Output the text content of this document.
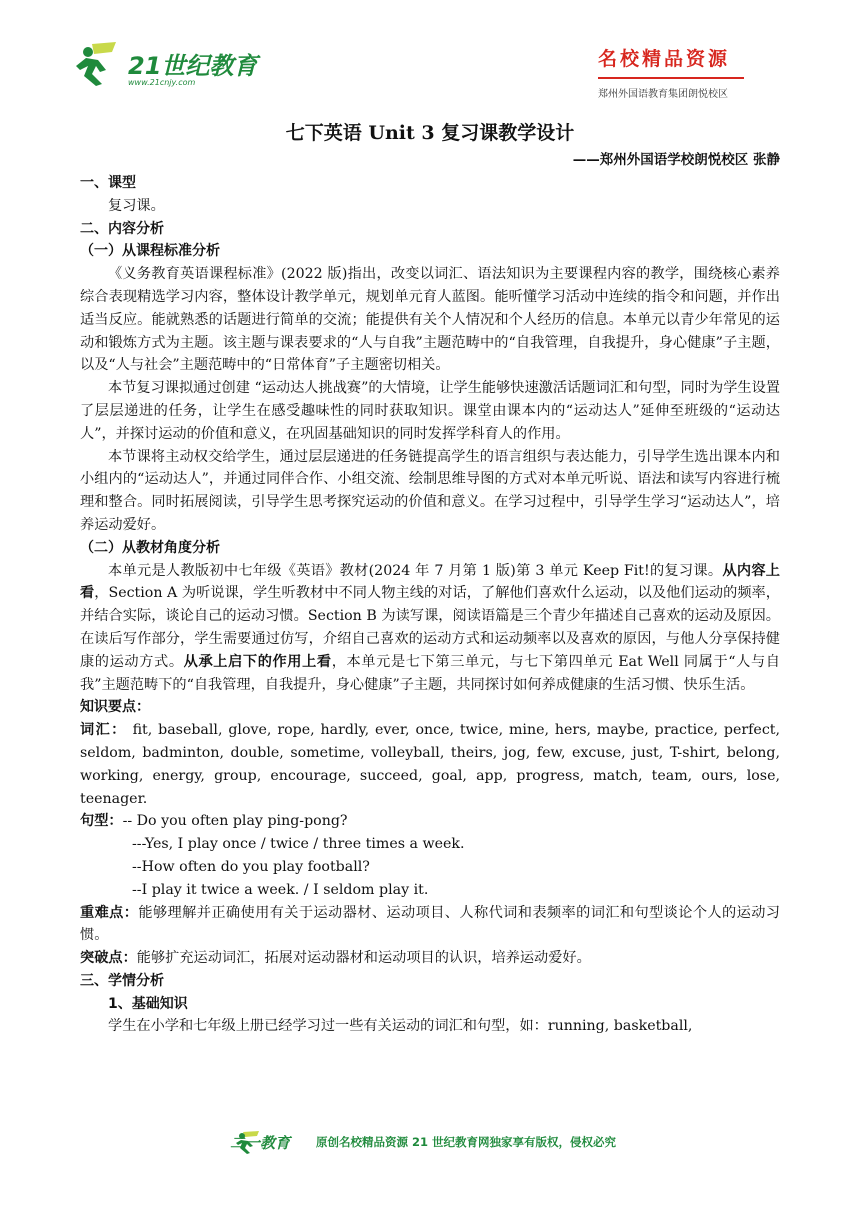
21世纪教育
www.21cnjy.com
名校精品资源
郑州外国语教育集团朗悦校区

七下英语 Unit 3 复习课教学设计

——郑州外国语学校朗悦校区 张静

一、课型

复习课。

二、内容分析

（一）从课程标准分析

《义务教育英语课程标准》(2022 版)指出，改变以词汇、语法知识为主要课程内容的教学，围绕核心素养综合表现精选学习内容，整体设计教学单元，规划单元育人蓝图。能听懂学习活动中连续的指令和问题，并作出适当反应。能就熟悉的话题进行简单的交流；能提供有关个人情况和个人经历的信息。本单元以青少年常见的运动和锻炼方式为主题。该主题与课表要求的“人与自我”主题范畴中的“自我管理，自我提升，身心健康”子主题，以及“人与社会”主题范畴中的“日常体育”子主题密切相关。

本节复习课拟通过创建 “运动达人挑战赛”的大情境，让学生能够快速激活话题词汇和句型，同时为学生设置了层层递进的任务，让学生在感受趣味性的同时获取知识。课堂由课本内的“运动达人”延伸至班级的“运动达人”，并探讨运动的价值和意义，在巩固基础知识的同时发挥学科育人的作用。

本节课将主动权交给学生，通过层层递进的任务链提高学生的语言组织与表达能力，引导学生选出课本内和小组内的“运动达人”，并通过同伴合作、小组交流、绘制思维导图的方式对本单元听说、语法和读写内容进行梳理和整合。同时拓展阅读，引导学生思考探究运动的价值和意义。在学习过程中，引导学生学习“运动达人”，培养运动爱好。

（二）从教材角度分析

本单元是人教版初中七年级《英语》教材(2024 年 7 月第 1 版)第 3 单元 Keep Fit!的复习课。从内容上看，Section A 为听说课，学生听教材中不同人物主线的对话，了解他们喜欢什么运动，以及他们运动的频率，并结合实际，谈论自己的运动习惯。Section B 为读写课，阅读语篇是三个青少年描述自己喜欢的运动及原因。在读后写作部分，学生需要通过仿写，介绍自己喜欢的运动方式和运动频率以及喜欢的原因，与他人分享保持健康的运动方式。从承上启下的作用上看，本单元是七下第三单元，与七下第四单元 Eat Well 同属于“人与自我”主题范畴下的“自我管理，自我提升，身心健康”子主题，共同探讨如何养成健康的生活习惯、快乐生活。

知识要点：

词汇： fit, baseball, glove, rope, hardly, ever, once, twice, mine, hers, maybe, practice, perfect, seldom, badminton, double, sometime, volleyball, theirs, jog, few, excuse, just, T-shirt, belong, working, energy, group, encourage, succeed, goal, app, progress, match, team, ours, lose, teenager.

句型：-- Do you often play ping-pong?

---Yes, I play once / twice / three times a week.

--How often do you play football?

--I play it twice a week. / I seldom play it.

重难点：能够理解并正确使用有关于运动器材、运动项目、人称代词和表频率的词汇和句型谈论个人的运动习惯。

突破点：能够扩充运动词汇，拓展对运动器材和运动项目的认识，培养运动爱好。

三、学情分析

1、基础知识

学生在小学和七年级上册已经学习过一些有关运动的词汇和句型，如：running, basketball,

二一教育 原创名校精品资源 21 世纪教育网独家享有版权，侵权必究
